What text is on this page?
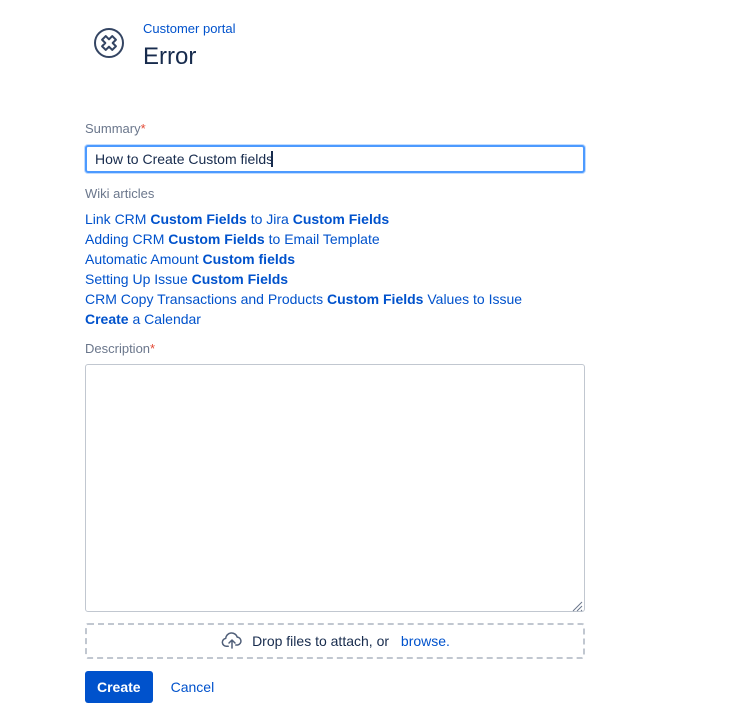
Customer portal
Error
Summary*
How to Create Custom fields
Wiki articles
Link CRM Custom Fields to Jira Custom Fields
Adding CRM Custom Fields to Email Template
Automatic Amount Custom fields
Setting Up Issue Custom Fields
CRM Copy Transactions and Products Custom Fields Values to Issue
Create a Calendar
Description*
Drop files to attach, or browse.
Create	Cancel
